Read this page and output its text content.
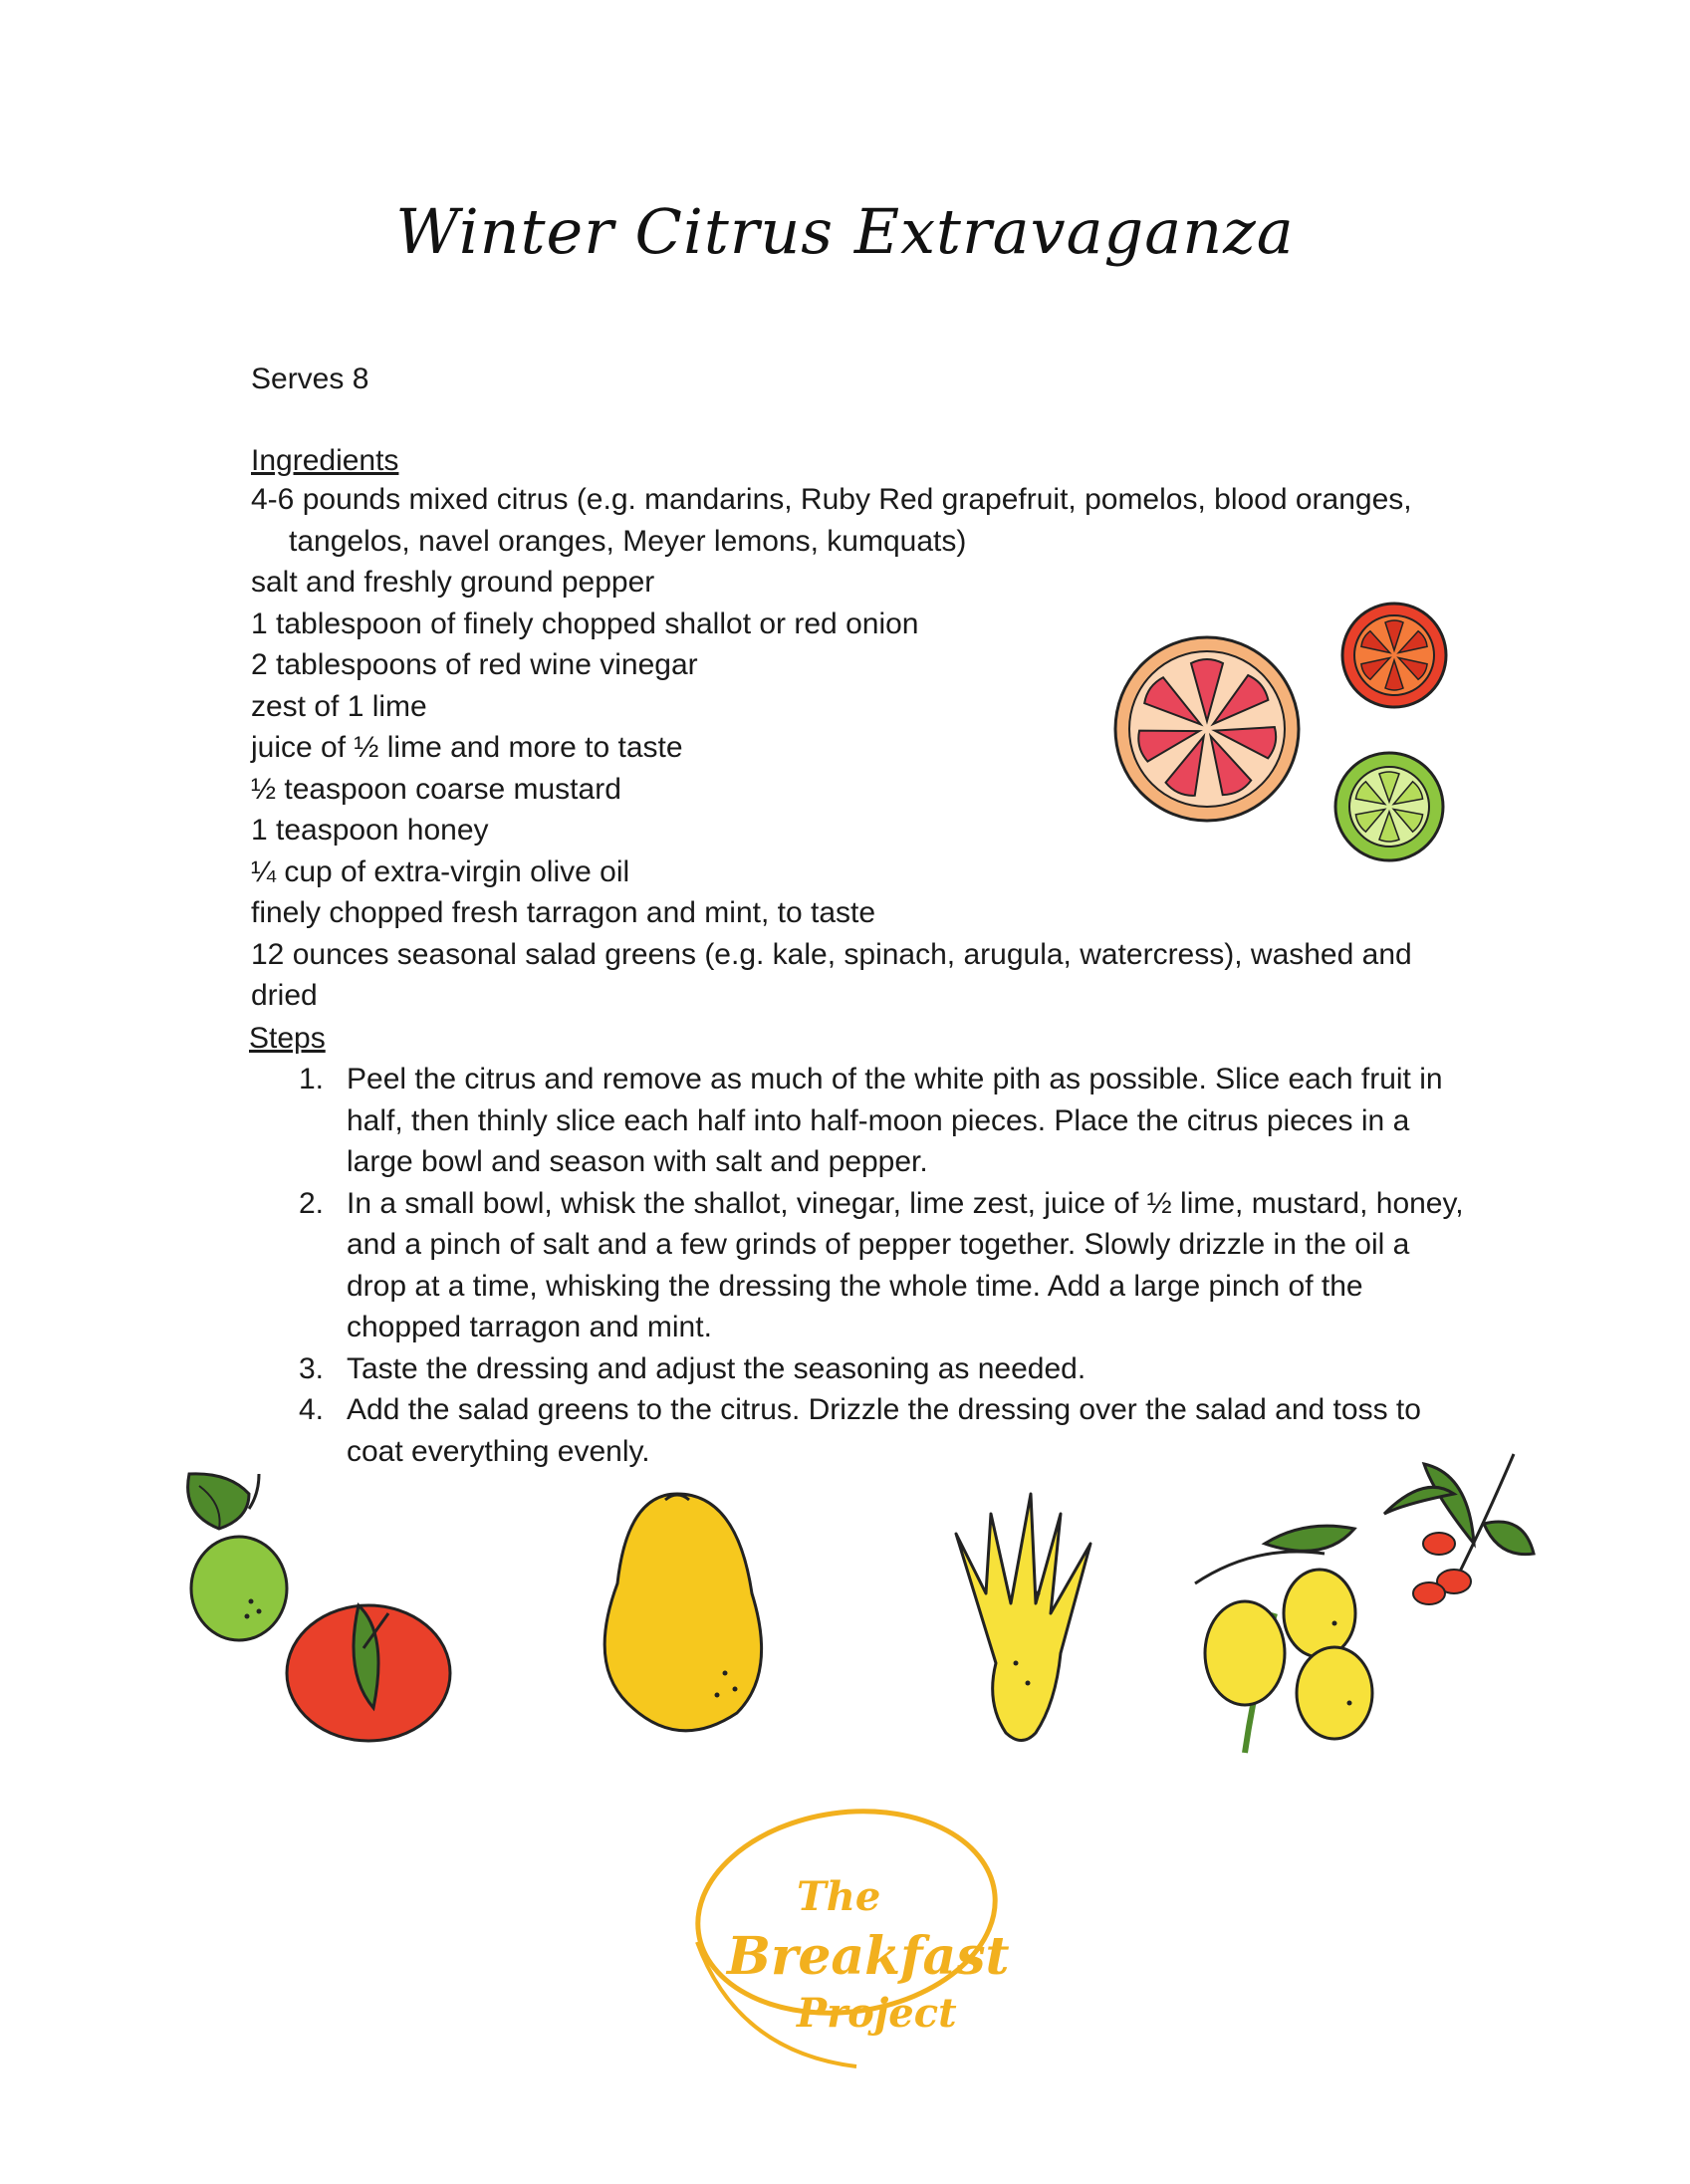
Winter Citrus Extravaganza
Serves 8
Ingredients
4-6 pounds mixed citrus (e.g. mandarins, Ruby Red grapefruit, pomelos, blood oranges, tangelos, navel oranges, Meyer lemons, kumquats)
salt and freshly ground pepper
1 tablespoon of finely chopped shallot or red onion
2 tablespoons of red wine vinegar
zest of 1 lime
juice of ½ lime and more to taste
½ teaspoon coarse mustard
1 teaspoon honey
¼ cup of extra-virgin olive oil
finely chopped fresh tarragon and mint, to taste
12 ounces seasonal salad greens (e.g. kale, spinach, arugula, watercress), washed and dried
Steps
1. Peel the citrus and remove as much of the white pith as possible. Slice each fruit in half, then thinly slice each half into half-moon pieces. Place the citrus pieces in a large bowl and season with salt and pepper.
2. In a small bowl, whisk the shallot, vinegar, lime zest, juice of ½ lime, mustard, honey, and a pinch of salt and a few grinds of pepper together. Slowly drizzle in the oil a drop at a time, whisking the dressing the whole time. Add a large pinch of the chopped tarragon and mint.
3. Taste the dressing and adjust the seasoning as needed.
4. Add the salad greens to the citrus. Drizzle the dressing over the salad and toss to coat everything evenly.
The
Breakfast
Project
